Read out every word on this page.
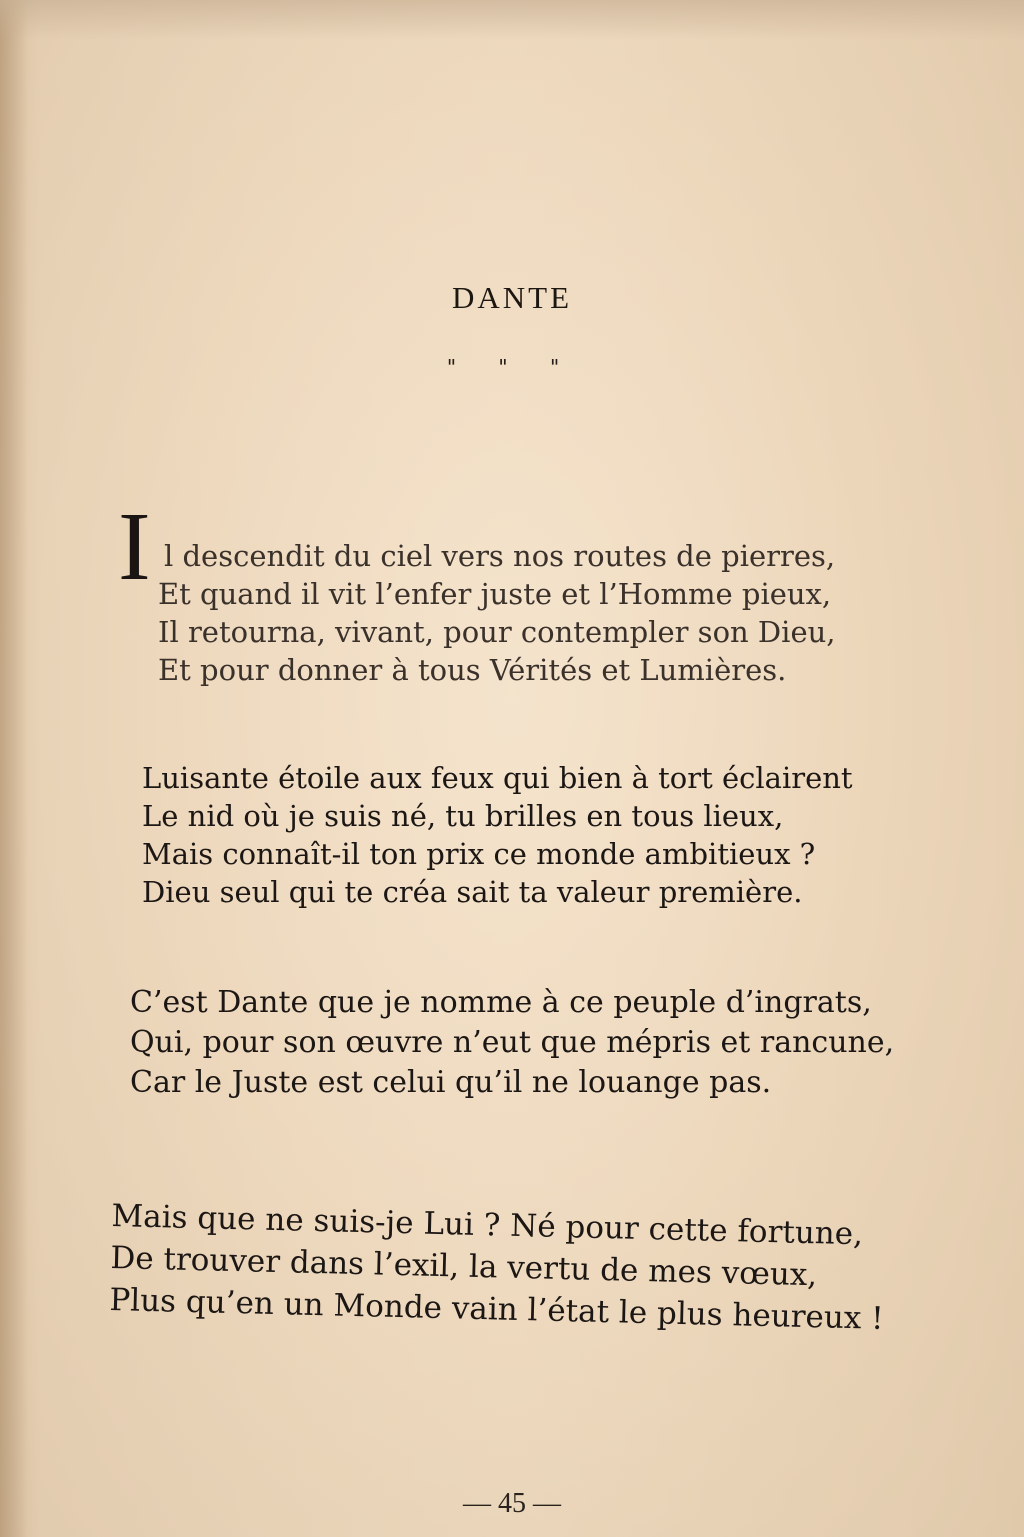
DANTE
" " "
I l descendit du ciel vers nos routes de pierres,
Et quand il vit l’enfer juste et l’Homme pieux,
Il retourna, vivant, pour contempler son Dieu,
Et pour donner à tous Vérités et Lumières.
Luisante étoile aux feux qui bien à tort éclairent
Le nid où je suis né, tu brilles en tous lieux,
Mais connaît-il ton prix ce monde ambitieux ?
Dieu seul qui te créa sait ta valeur première.
C’est Dante que je nomme à ce peuple d’ingrats,
Qui, pour son œuvre n’eut que mépris et rancune,
Car le Juste est celui qu’il ne louange pas.
Mais que ne suis-je Lui ? Né pour cette fortune,
De trouver dans l’exil, la vertu de mes vœux,
Plus qu’en un Monde vain l’état le plus heureux !
— 45 —
